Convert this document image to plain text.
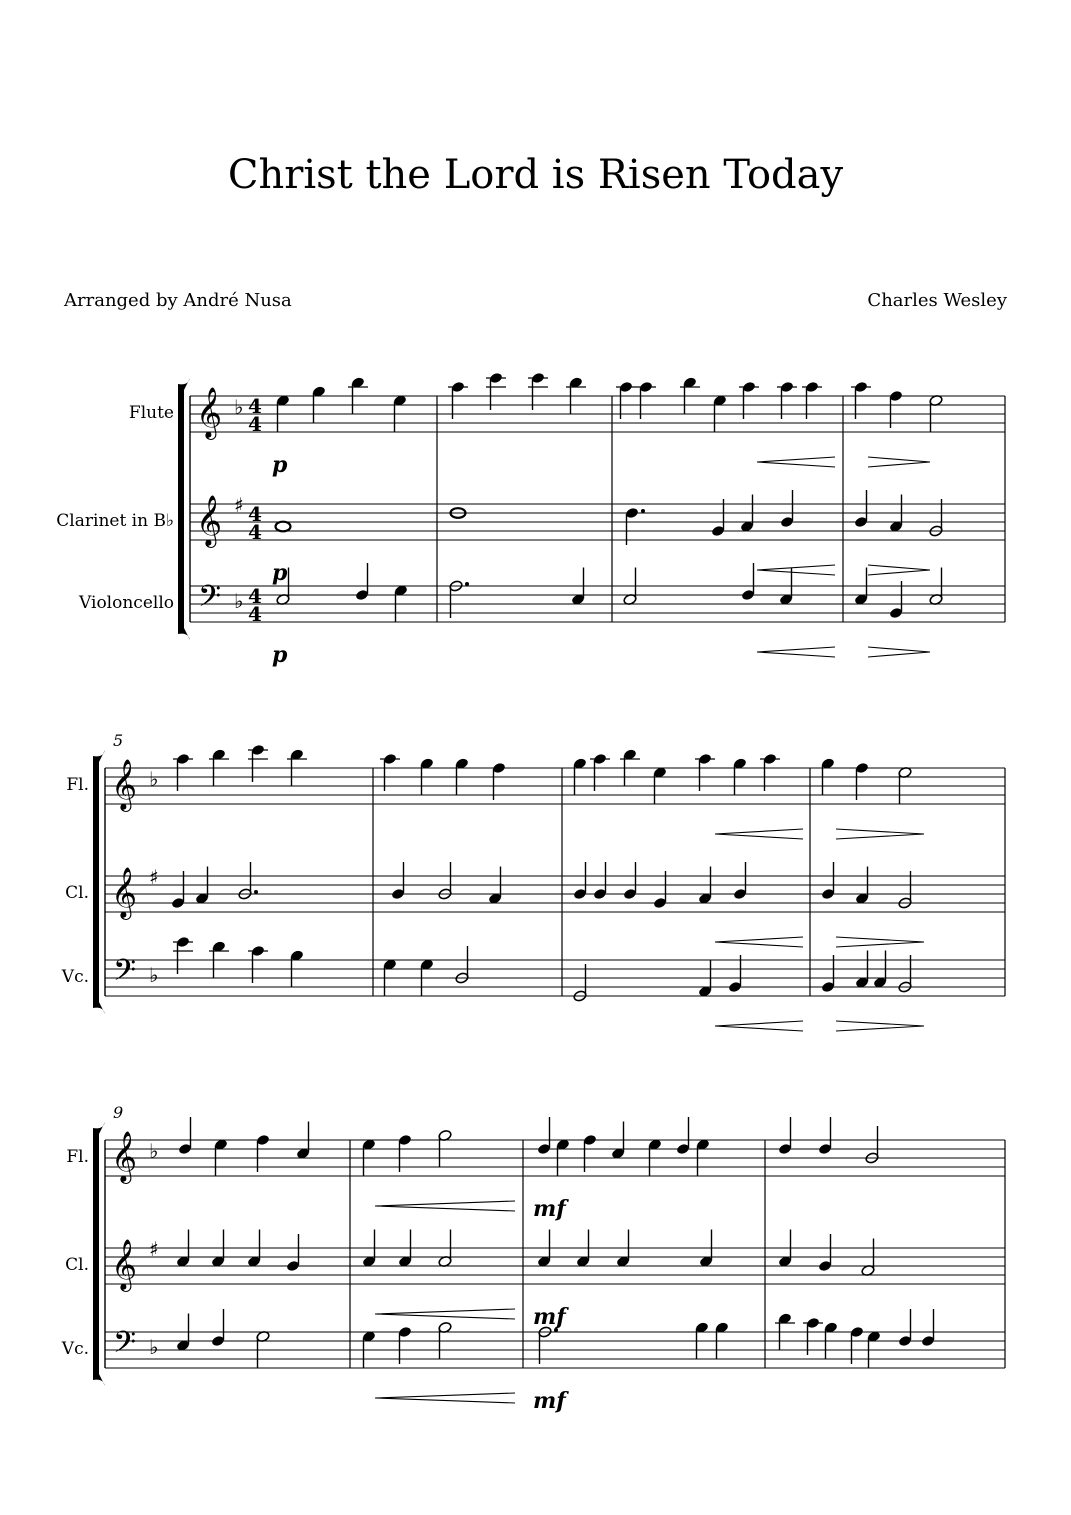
Christ the Lord is Risen Today
Arranged by André Nusa	Charles Wesley
Flute 𝄞 ♭ 4
4
Clarinet in B♭ 𝄞 ♯ 4
4
Violoncello 𝄢 ♭ 4
4
p
p
p
Fl. 𝄞 ♭
Cl. 𝄞 ♯
Vc. 𝄢 ♭
5
Fl. 𝄞 ♭
Cl. 𝄞 ♯
Vc. 𝄢 ♭
9
mf
mf
mf
